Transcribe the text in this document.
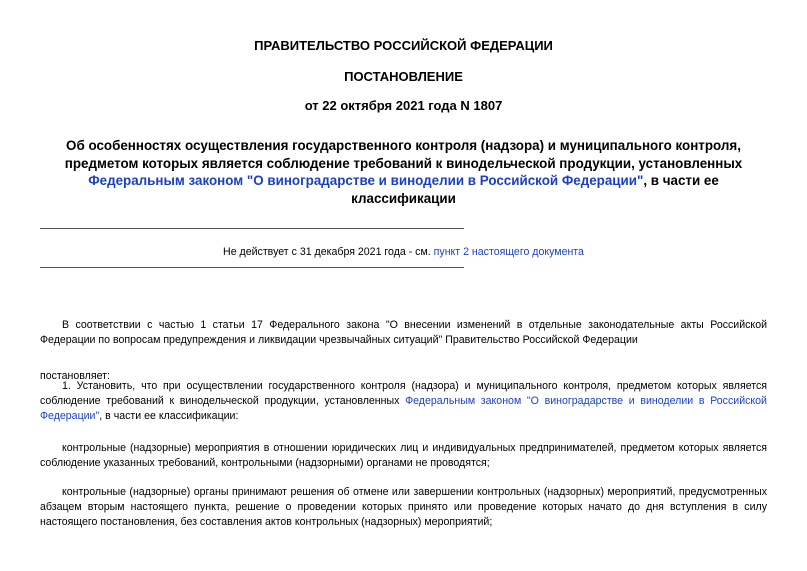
ПРАВИТЕЛЬСТВО РОССИЙСКОЙ ФЕДЕРАЦИИ
ПОСТАНОВЛЕНИЕ
от 22 октября 2021 года N 1807
Об особенностях осуществления государственного контроля (надзора) и муниципального контроля, предметом которых является соблюдение требований к винодельческой продукции, установленных Федеральным законом "О виноградарстве и виноделии в Российской Федерации", в части ее классификации
Не действует с 31 декабря 2021 года - см. пункт 2 настоящего документа
В соответствии с частью 1 статьи 17 Федерального закона "О внесении изменений в отдельные законодательные акты Российской Федерации по вопросам предупреждения и ликвидации чрезвычайных ситуаций" Правительство Российской Федерации
постановляет:
1. Установить, что при осуществлении государственного контроля (надзора) и муниципального контроля, предметом которых является соблюдение требований к винодельческой продукции, установленных Федеральным законом "О виноградарстве и виноделии в Российской Федерации", в части ее классификации:
контрольные (надзорные) мероприятия в отношении юридических лиц и индивидуальных предпринимателей, предметом которых является соблюдение указанных требований, контрольными (надзорными) органами не проводятся;
контрольные (надзорные) органы принимают решения об отмене или завершении контрольных (надзорных) мероприятий, предусмотренных абзацем вторым настоящего пункта, решение о проведении которых принято или проведение которых начато до дня вступления в силу настоящего постановления, без составления актов контрольных (надзорных) мероприятий;
